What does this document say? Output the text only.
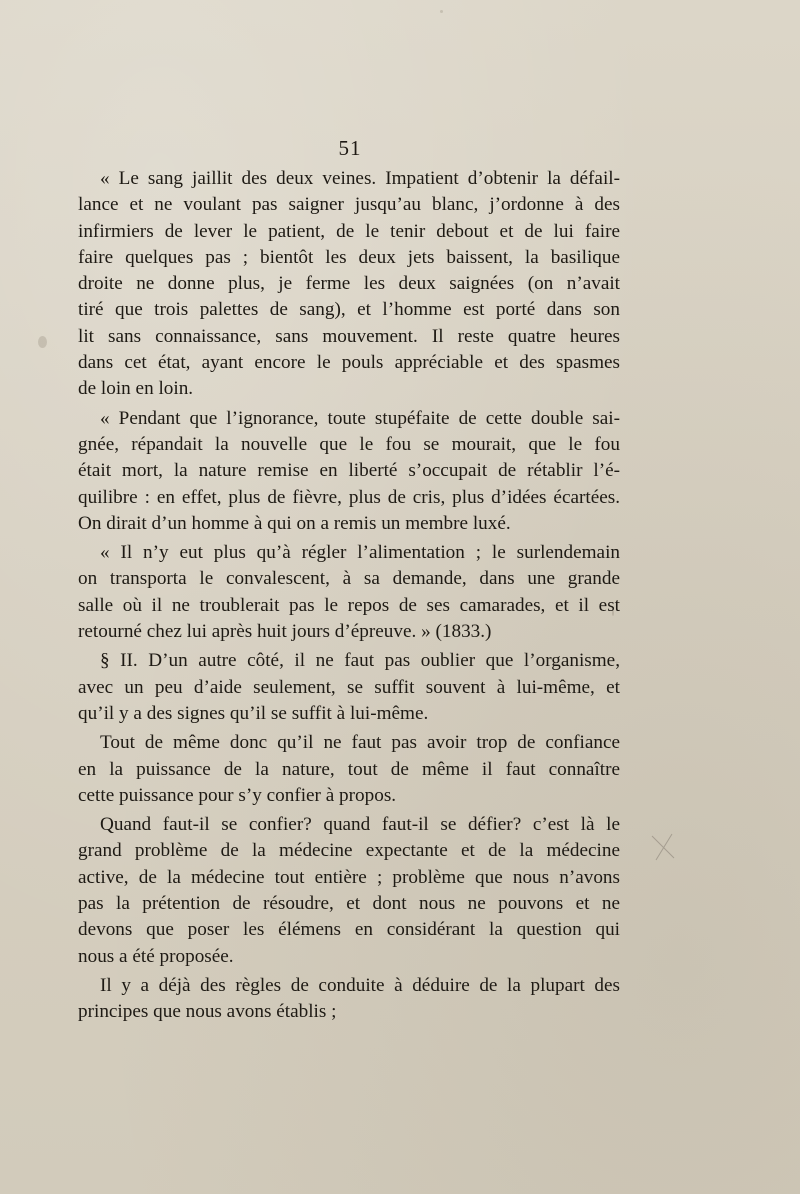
51
« Le sang jaillit des deux veines. Impatient d’obtenir la défail-
lance et ne voulant pas saigner jusqu’au blanc, j’ordonne à des
infirmiers de lever le patient, de le tenir debout et de lui faire
faire quelques pas ; bientôt les deux jets baissent, la basilique
droite ne donne plus, je ferme les deux saignées (on n’avait
tiré que trois palettes de sang), et l’homme est porté dans son
lit sans connaissance, sans mouvement. Il reste quatre heures
dans cet état, ayant encore le pouls appréciable et des spasmes
de loin en loin.
« Pendant que l’ignorance, toute stupéfaite de cette double sai-
gnée, répandait la nouvelle que le fou se mourait, que le fou
était mort, la nature remise en liberté s’occupait de rétablir l’é-
quilibre : en effet, plus de fièvre, plus de cris, plus d’idées écartées.
On dirait d’un homme à qui on a remis un membre luxé.
« Il n’y eut plus qu’à régler l’alimentation ; le surlendemain
on transporta le convalescent, à sa demande, dans une grande
salle où il ne troublerait pas le repos de ses camarades, et il est
retourné chez lui après huit jours d’épreuve. » (1833.)
§ II. D’un autre côté, il ne faut pas oublier que l’organisme,
avec un peu d’aide seulement, se suffit souvent à lui-même, et
qu’il y a des signes qu’il se suffit à lui-même.
Tout de même donc qu’il ne faut pas avoir trop de confiance
en la puissance de la nature, tout de même il faut connaître
cette puissance pour s’y confier à propos.
Quand faut-il se confier? quand faut-il se défier? c’est là le
grand problème de la médecine expectante et de la médecine
active, de la médecine tout entière ; problème que nous n’avons
pas la prétention de résoudre, et dont nous ne pouvons et ne
devons que poser les élémens en considérant la question qui
nous a été proposée.
Il y a déjà des règles de conduite à déduire de la plupart des
principes que nous avons établis ;
